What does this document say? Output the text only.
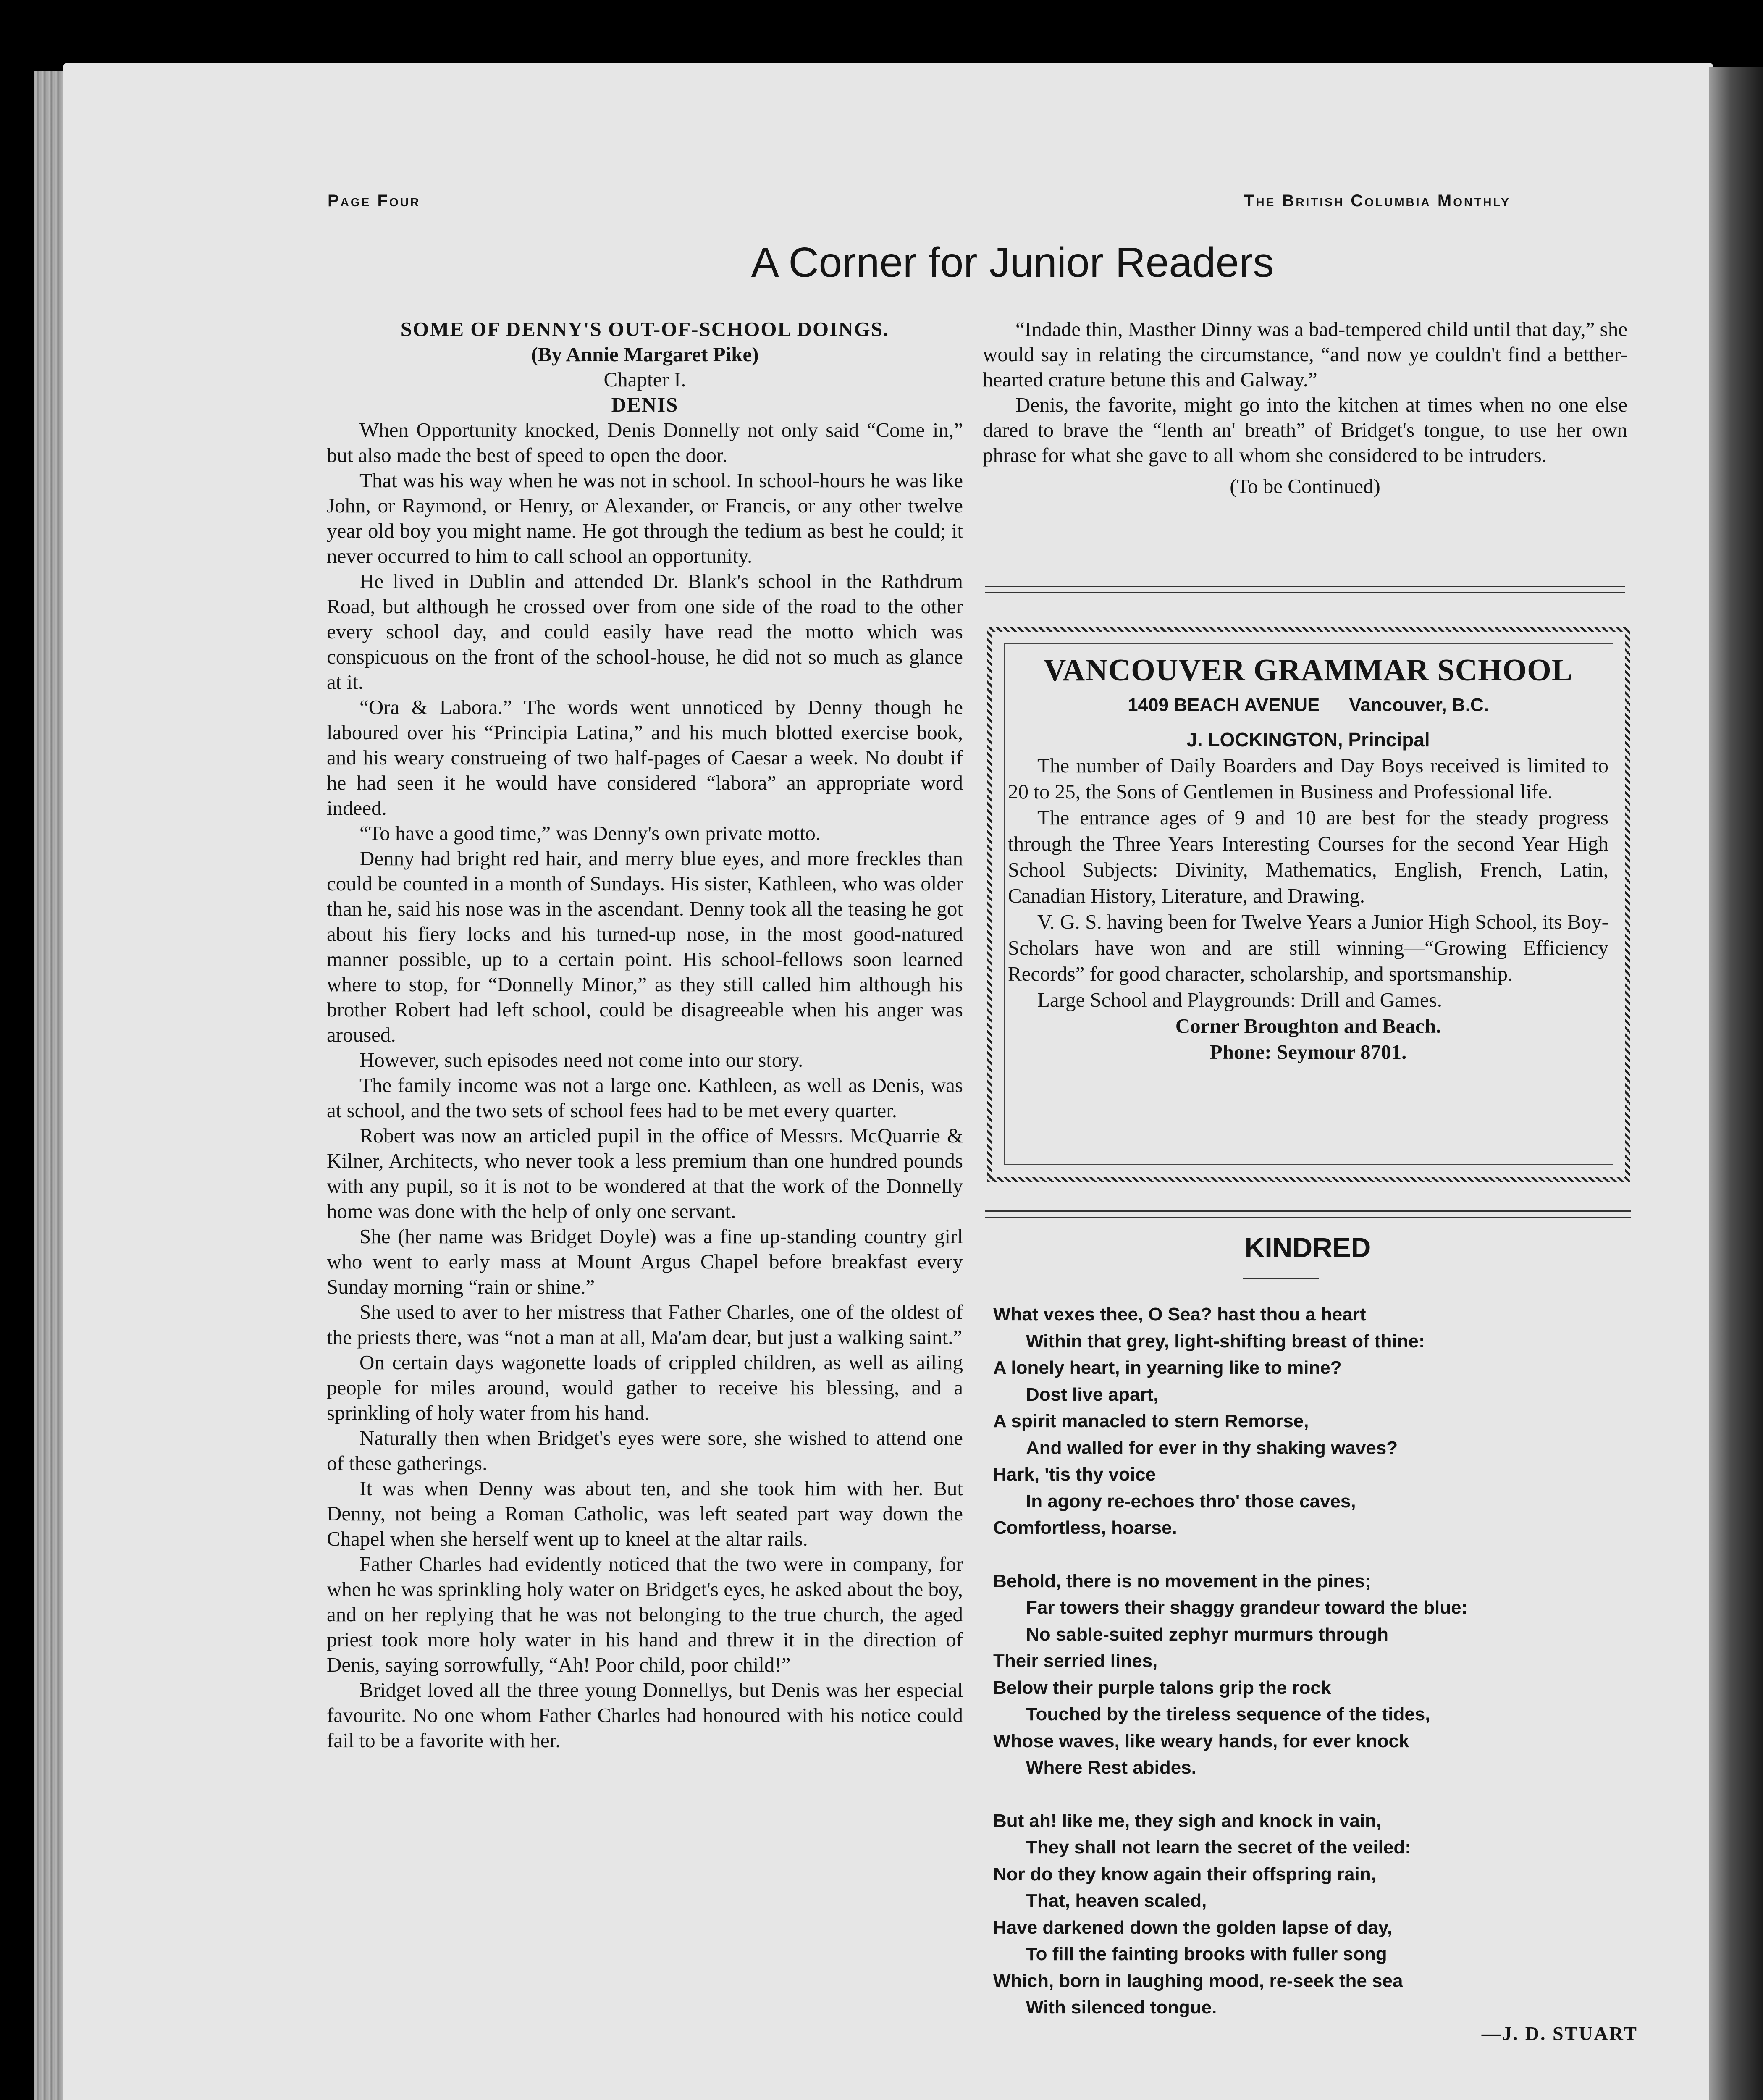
Page Four	The British Columbia Monthly
A Corner for Junior Readers
SOME OF DENNY'S OUT-OF-SCHOOL DOINGS.
(By Annie Margaret Pike)
Chapter I.
DENIS

When Opportunity knocked, Denis Donnelly not only said “Come in,” but also made the best of speed to open the door.

That was his way when he was not in school. In school-hours he was like John, or Raymond, or Henry, or Alexander, or Francis, or any other twelve year old boy you might name. He got through the tedium as best he could; it never occurred to him to call school an opportunity.

He lived in Dublin and attended Dr. Blank's school in the Rathdrum Road, but although he crossed over from one side of the road to the other every school day, and could easily have read the motto which was conspicuous on the front of the school-house, he did not so much as glance at it.

“Ora & Labora.” The words went unnoticed by Denny though he laboured over his “Principia Latina,” and his much blotted exercise book, and his weary construeing of two half-pages of Caesar a week. No doubt if he had seen it he would have considered “labora” an appropriate word indeed.

“To have a good time,” was Denny's own private motto.

Denny had bright red hair, and merry blue eyes, and more freckles than could be counted in a month of Sundays. His sister, Kathleen, who was older than he, said his nose was in the ascendant. Denny took all the teasing he got about his fiery locks and his turned-up nose, in the most good-natured manner possible, up to a certain point. His school-fellows soon learned where to stop, for “Donnelly Minor,” as they still called him although his brother Robert had left school, could be disagreeable when his anger was aroused.

However, such episodes need not come into our story.

The family income was not a large one. Kathleen, as well as Denis, was at school, and the two sets of school fees had to be met every quarter.

Robert was now an articled pupil in the office of Messrs. McQuarrie & Kilner, Architects, who never took a less premium than one hundred pounds with any pupil, so it is not to be wondered at that the work of the Donnelly home was done with the help of only one servant.

She (her name was Bridget Doyle) was a fine up-standing country girl who went to early mass at Mount Argus Chapel before breakfast every Sunday morning “rain or shine.”

She used to aver to her mistress that Father Charles, one of the oldest of the priests there, was “not a man at all, Ma'am dear, but just a walking saint.”

On certain days wagonette loads of crippled children, as well as ailing people for miles around, would gather to receive his blessing, and a sprinkling of holy water from his hand.

Naturally then when Bridget's eyes were sore, she wished to attend one of these gatherings.

It was when Denny was about ten, and she took him with her. But Denny, not being a Roman Catholic, was left seated part way down the Chapel when she herself went up to kneel at the altar rails.

Father Charles had evidently noticed that the two were in company, for when he was sprinkling holy water on Bridget's eyes, he asked about the boy, and on her replying that he was not belonging to the true church, the aged priest took more holy water in his hand and threw it in the direction of Denis, saying sorrowfully, “Ah! Poor child, poor child!”

Bridget loved all the three young Donnellys, but Denis was her especial favourite. No one whom Father Charles had honoured with his notice could fail to be a favorite with her.

“Indade thin, Masther Dinny was a bad-tempered child until that day,” she would say in relating the circumstance, “and now ye couldn't find a betther-hearted crature betune this and Galway.”

Denis, the favorite, might go into the kitchen at times when no one else dared to brave the “lenth an' breath” of Bridget's tongue, to use her own phrase for what she gave to all whom she considered to be intruders.

(To be Continued)
VANCOUVER GRAMMAR SCHOOL
1409 BEACH AVENUE Vancouver, B.C.
J. LOCKINGTON, Principal

The number of Daily Boarders and Day Boys received is limited to 20 to 25, the Sons of Gentlemen in Business and Professional life.

The entrance ages of 9 and 10 are best for the steady progress through the Three Years Interesting Courses for the second Year High School Subjects: Divinity, Mathematics, English, French, Latin, Canadian History, Literature, and Drawing.

V. G. S. having been for Twelve Years a Junior High School, its Boy-Scholars have won and are still winning—“Growing Efficiency Records” for good character, scholarship, and sportsmanship.

Large School and Playgrounds: Drill and Games.

Corner Broughton and Beach.
Phone: Seymour 8701.
KINDRED
What vexes thee, O Sea? hast thou a heart
Within that grey, light-shifting breast of thine:
A lonely heart, in yearning like to mine?
Dost live apart,
A spirit manacled to stern Remorse,
And walled for ever in thy shaking waves?
Hark, 'tis thy voice
In agony re-echoes thro' those caves,
Comfortless, hoarse.
Behold, there is no movement in the pines;
Far towers their shaggy grandeur toward the blue:
No sable-suited zephyr murmurs through
Their serried lines,
Below their purple talons grip the rock
Touched by the tireless sequence of the tides,
Whose waves, like weary hands, for ever knock
Where Rest abides.
But ah! like me, they sigh and knock in vain,
They shall not learn the secret of the veiled:
Nor do they know again their offspring rain,
That, heaven scaled,
Have darkened down the golden lapse of day,
To fill the fainting brooks with fuller song
Which, born in laughing mood, re-seek the sea
With silenced tongue.
—J. D. STUART
